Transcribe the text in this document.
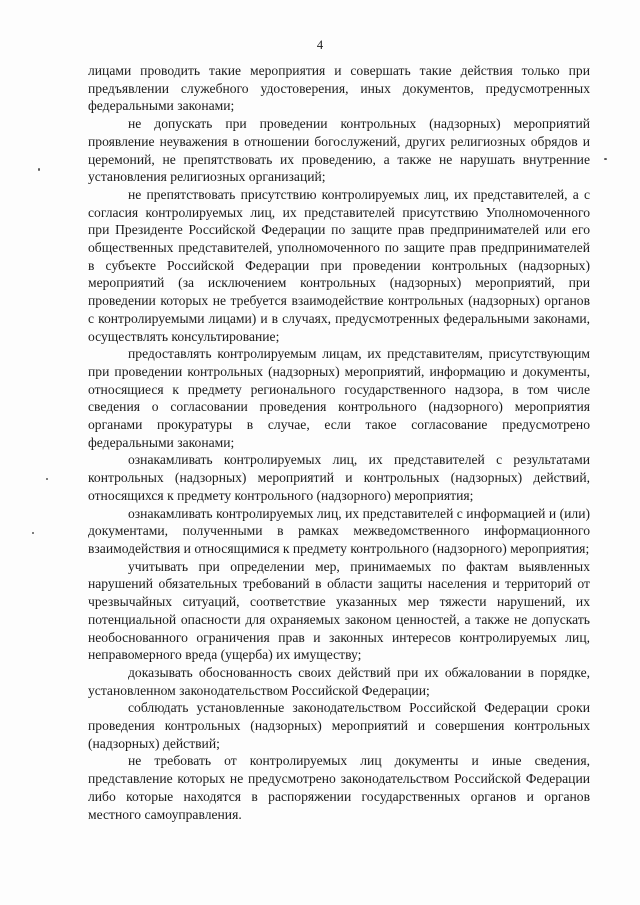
4

лицами проводить такие мероприятия и совершать такие действия только при предъявлении служебного удостоверения, иных документов, предусмотренных федеральными законами;

не допускать при проведении контрольных (надзорных) мероприятий проявление неуважения в отношении богослужений, других религиозных обрядов и церемоний, не препятствовать их проведению, а также не нарушать внутренние установления религиозных организаций;

не препятствовать присутствию контролируемых лиц, их представителей, а с согласия контролируемых лиц, их представителей присутствию Уполномоченного при Президенте Российской Федерации по защите прав предпринимателей или его общественных представителей, уполномоченного по защите прав предпринимателей в субъекте Российской Федерации при проведении контрольных (надзорных) мероприятий (за исключением контрольных (надзорных) мероприятий, при проведении которых не требуется взаимодействие контрольных (надзорных) органов с контролируемыми лицами) и в случаях, предусмотренных федеральными законами, осуществлять консультирование;

предоставлять контролируемым лицам, их представителям, присутствующим при проведении контрольных (надзорных) мероприятий, информацию и документы, относящиеся к предмету регионального государственного надзора, в том числе сведения о согласовании проведения контрольного (надзорного) мероприятия органами прокуратуры в случае, если такое согласование предусмотрено федеральными законами;

ознакамливать контролируемых лиц, их представителей с результатами контрольных (надзорных) мероприятий и контрольных (надзорных) действий, относящихся к предмету контрольного (надзорного) мероприятия;

ознакамливать контролируемых лиц, их представителей с информацией и (или) документами, полученными в рамках межведомственного информационного взаимодействия и относящимися к предмету контрольного (надзорного) мероприятия;

учитывать при определении мер, принимаемых по фактам выявленных нарушений обязательных требований в области защиты населения и территорий от чрезвычайных ситуаций, соответствие указанных мер тяжести нарушений, их потенциальной опасности для охраняемых законом ценностей, а также не допускать необоснованного ограничения прав и законных интересов контролируемых лиц, неправомерного вреда (ущерба) их имуществу;

доказывать обоснованность своих действий при их обжаловании в порядке, установленном законодательством Российской Федерации;

соблюдать установленные законодательством Российской Федерации сроки проведения контрольных (надзорных) мероприятий и совершения контрольных (надзорных) действий;

не требовать от контролируемых лиц документы и иные сведения, представление которых не предусмотрено законодательством Российской Федерации либо которые находятся в распоряжении государственных органов и органов местного самоуправления.
